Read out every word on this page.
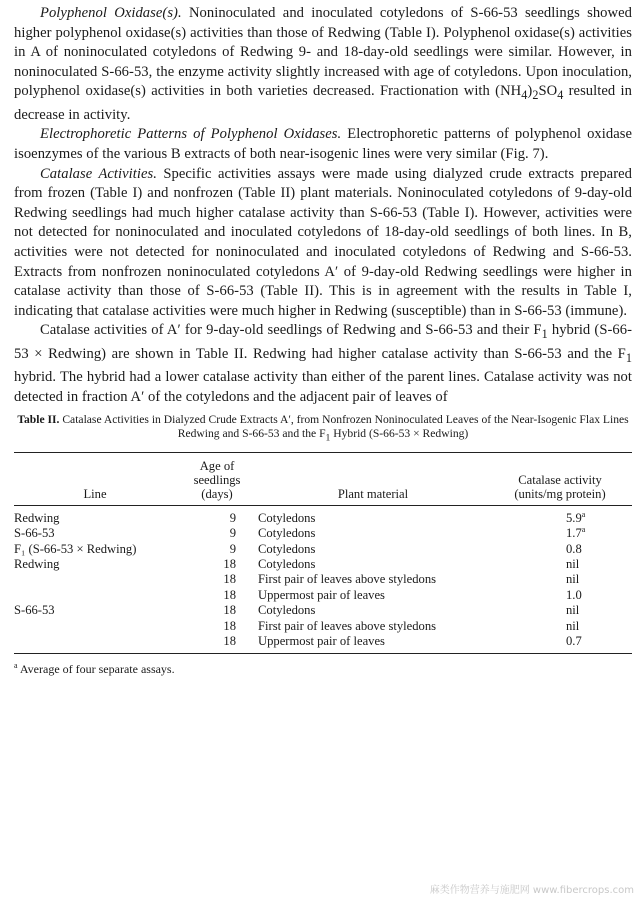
Polyphenol Oxidase(s). Noninoculated and inoculated cotyledons of S-66-53 seedlings showed higher polyphenol oxidase(s) activities than those of Redwing (Table I). Polyphenol oxidase(s) activities in A of noninoculated cotyledons of Redwing 9- and 18-day-old seedlings were similar. However, in noninoculated S-66-53, the enzyme activity slightly increased with age of cotyledons. Upon inoculation, polyphenol oxidase(s) activities in both varieties decreased. Fractionation with $(NH_4)_2SO_4$ resulted in decrease in activity.

Electrophoretic Patterns of Polyphenol Oxidases. Electrophoretic patterns of polyphenol oxidase isoenzymes of the various B extracts of both near-isogenic lines were very similar (Fig. 7).

Catalase Activities. Specific activities assays were made using dialyzed crude extracts prepared from frozen (Table I) and nonfrozen (Table II) plant materials. Noninoculated cotyledons of 9-day-old Redwing seedlings had much higher catalase activity than S-66-53 (Table I). However, activities were not detected for noninoculated and inoculated cotyledons of 18-day-old seedlings of both lines. In B, activities were not detected for noninoculated and inoculated cotyledons of Redwing and S-66-53. Extracts from nonfrozen noninoculated cotyledons A′ of 9-day-old Redwing seedlings were higher in catalase activity than those of S-66-53 (Table II). This is in agreement with the results in Table I, indicating that catalase activities were much higher in Redwing (susceptible) than in S-66-53 (immune).

Catalase activities of A′ for 9-day-old seedlings of Redwing and S-66-53 and their $F_1$ hybrid (S-66-53 × Redwing) are shown in Table II. Redwing had higher catalase activity than S-66-53 and the $F_1$ hybrid. The hybrid had a lower catalase activity than either of the parent lines. Catalase activity was not detected in fraction A′ of the cotyledons and the adjacent pair of leaves of

Table II. Catalase Activities in Dialyzed Crude Extracts A′, from Nonfrozen Noninoculated Leaves of the Near-Isogenic Flax Lines Redwing and S-66-53 and the $F_1$ Hybrid (S-66-53 × Redwing)
Line	Age of
seedlings
(days)	Plant material	Catalase activity
(units/mg protein)

Redwing	9	Cotyledons	5.9$^a$
S-66-53	9	Cotyledons	1.7$^a$
F₁ (S-66-53 × Redwing)	9	Cotyledons	0.8
Redwing	18	Cotyledons	nil
	18	First pair of leaves above styledons	nil
	18	Uppermost pair of leaves	1.0
S-66-53	18	Cotyledons	nil
	18	First pair of leaves above styledons	nil
	18	Uppermost pair of leaves	0.7
$^a$ Average of four separate assays.
麻类作物营养与施肥网 www.fibercrops.com
